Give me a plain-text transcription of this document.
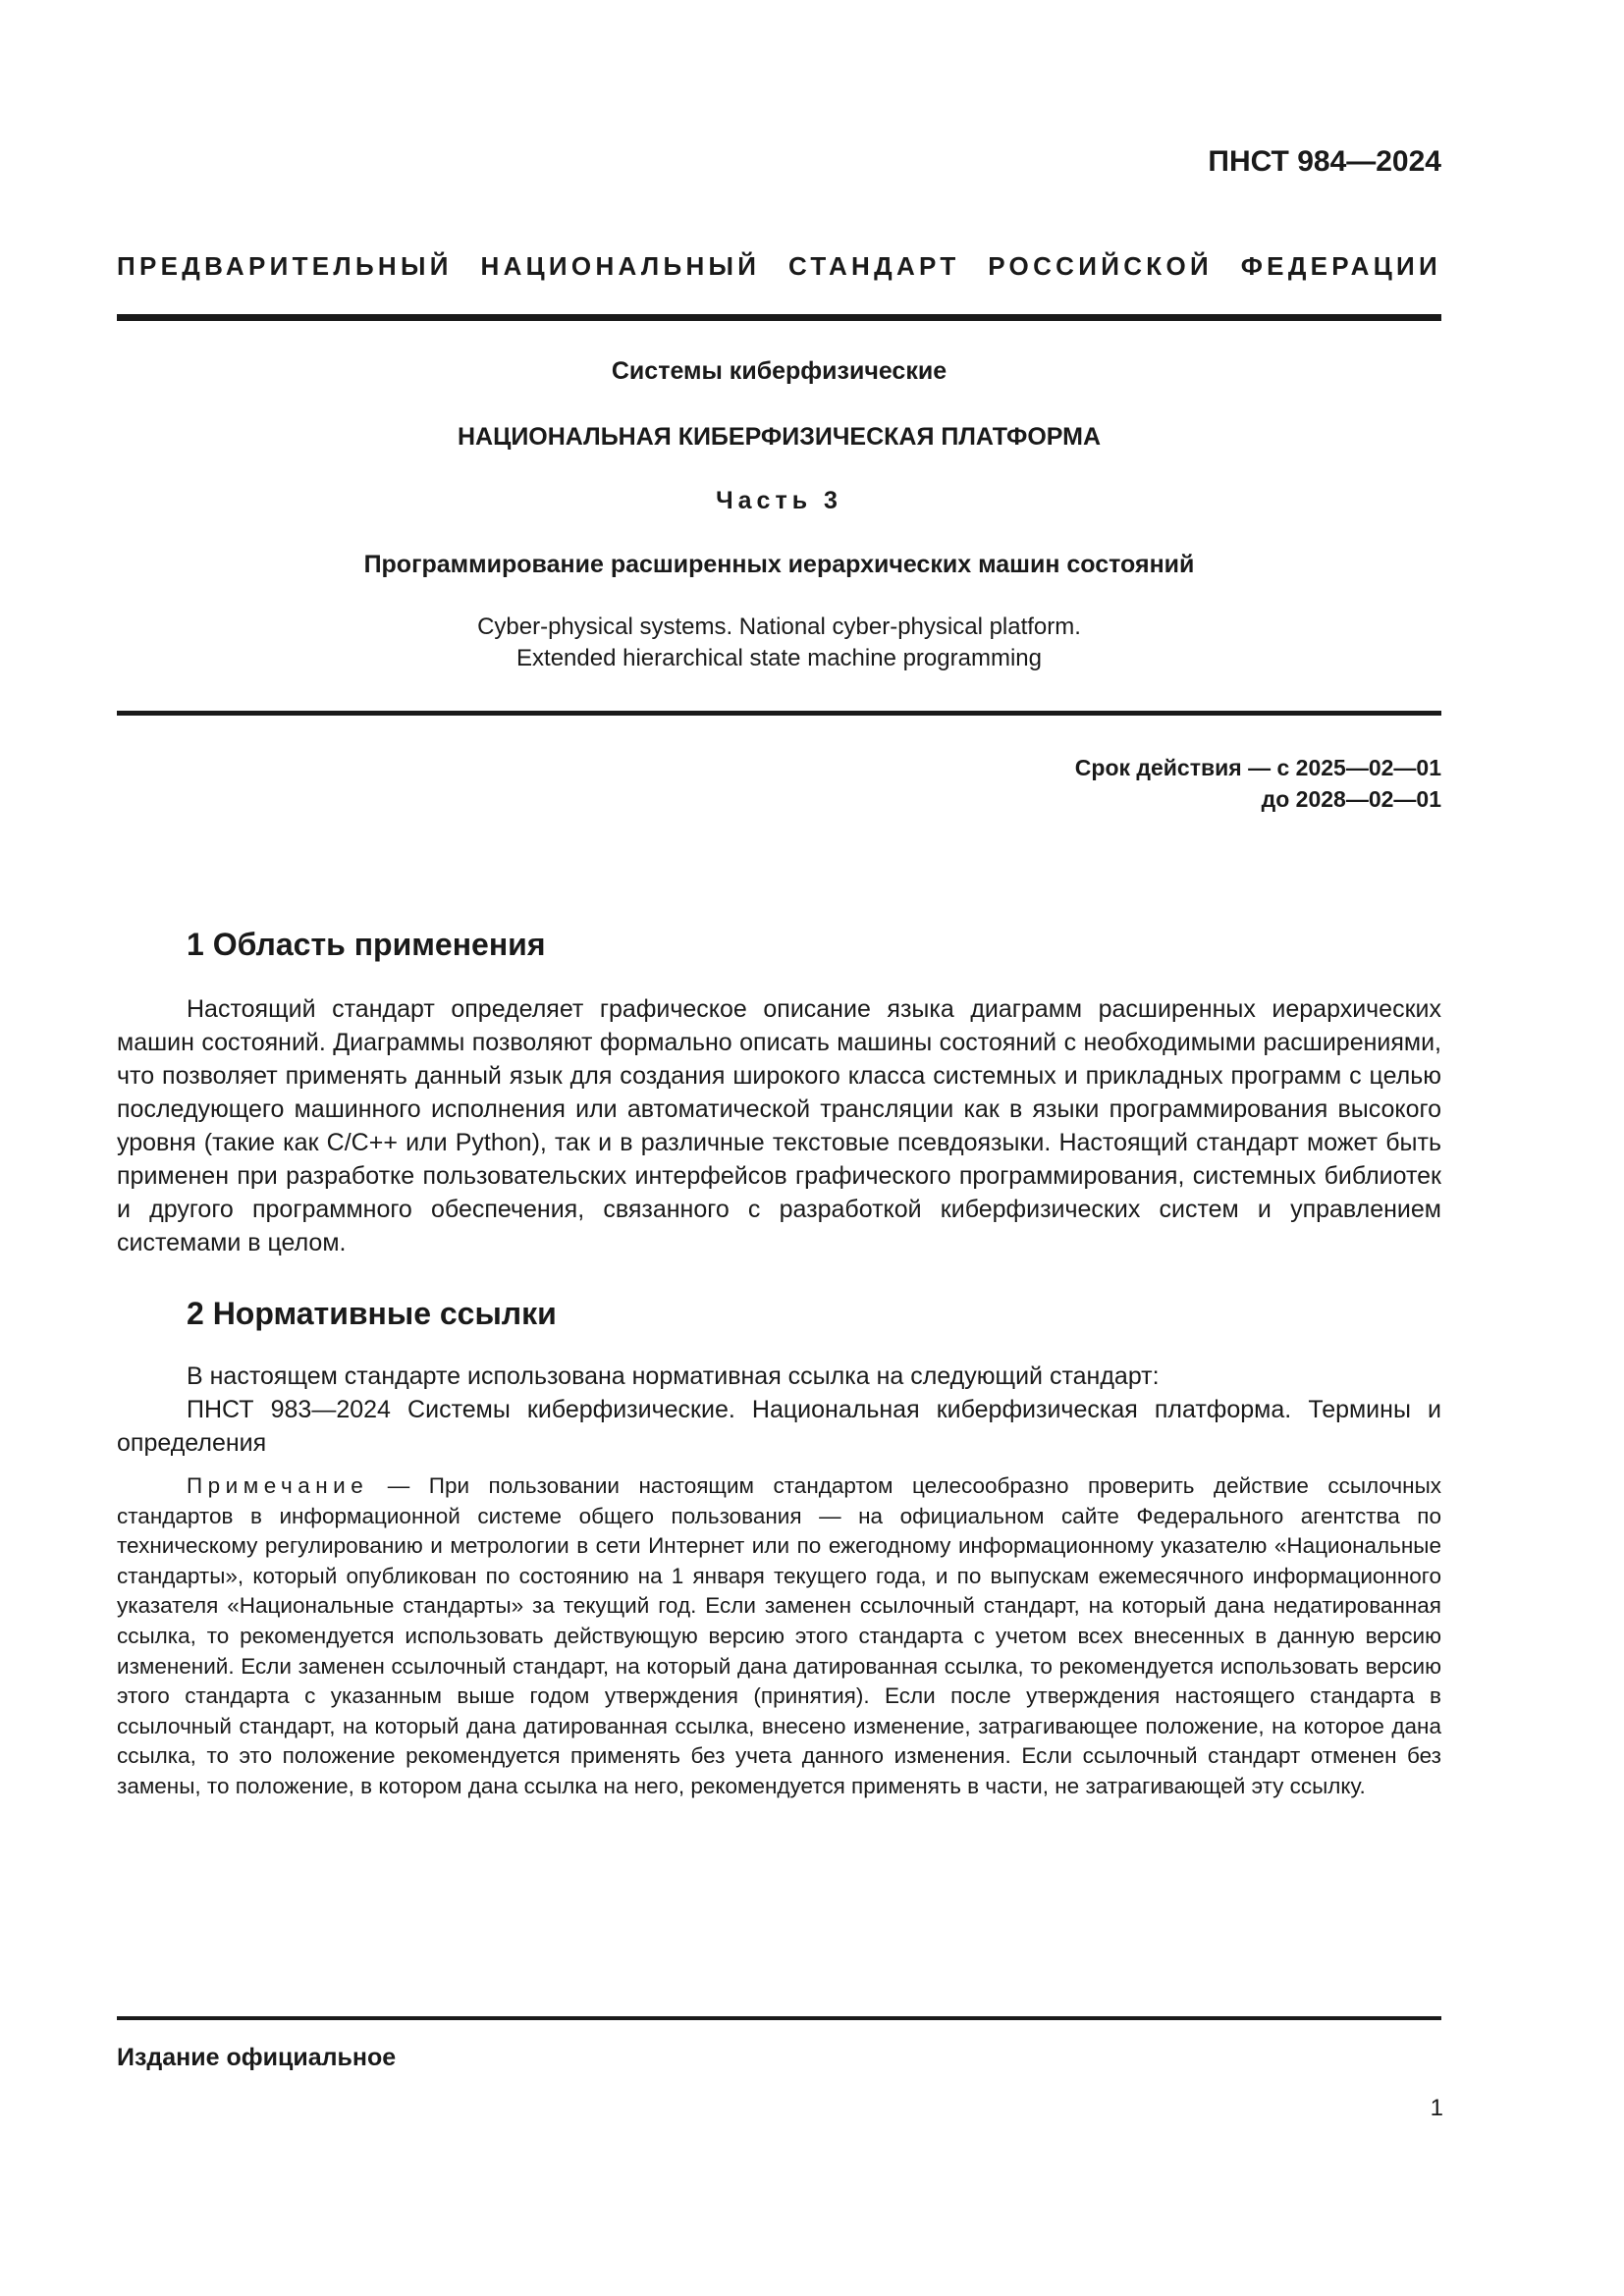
ПНСТ 984—2024
ПРЕДВАРИТЕЛЬНЫЙ НАЦИОНАЛЬНЫЙ СТАНДАРТ РОССИЙСКОЙ ФЕДЕРАЦИИ
Системы киберфизические
НАЦИОНАЛЬНАЯ КИБЕРФИЗИЧЕСКАЯ ПЛАТФОРМА
Часть 3
Программирование расширенных иерархических машин состояний
Cyber-physical systems. National cyber-physical platform.
Extended hierarchical state machine programming
Срок действия — с 2025—02—01
до 2028—02—01
1 Область применения
Настоящий стандарт определяет графическое описание языка диаграмм расширенных иерархических машин состояний. Диаграммы позволяют формально описать машины состояний с необходимыми расширениями, что позволяет применять данный язык для создания широкого класса системных и прикладных программ с целью последующего машинного исполнения или автоматической трансляции как в языки программирования высокого уровня (такие как C/C++ или Python), так и в различные текстовые псевдоязыки. Настоящий стандарт может быть применен при разработке пользовательских интерфейсов графического программирования, системных библиотек и другого программного обеспечения, связанного с разработкой киберфизических систем и управлением системами в целом.
2 Нормативные ссылки
В настоящем стандарте использована нормативная ссылка на следующий стандарт:
ПНСТ 983—2024 Системы киберфизические. Национальная киберфизическая платформа. Термины и определения
Примечание — При пользовании настоящим стандартом целесообразно проверить действие ссылочных стандартов в информационной системе общего пользования — на официальном сайте Федерального агентства по техническому регулированию и метрологии в сети Интернет или по ежегодному информационному указателю «Национальные стандарты», который опубликован по состоянию на 1 января текущего года, и по выпускам ежемесячного информационного указателя «Национальные стандарты» за текущий год. Если заменен ссылочный стандарт, на который дана недатированная ссылка, то рекомендуется использовать действующую версию этого стандарта с учетом всех внесенных в данную версию изменений. Если заменен ссылочный стандарт, на который дана датированная ссылка, то рекомендуется использовать версию этого стандарта с указанным выше годом утверждения (принятия). Если после утверждения настоящего стандарта в ссылочный стандарт, на который дана датированная ссылка, внесено изменение, затрагивающее положение, на которое дана ссылка, то это положение рекомендуется применять без учета данного изменения. Если ссылочный стандарт отменен без замены, то положение, в котором дана ссылка на него, рекомендуется применять в части, не затрагивающей эту ссылку.
Издание официальное
1
